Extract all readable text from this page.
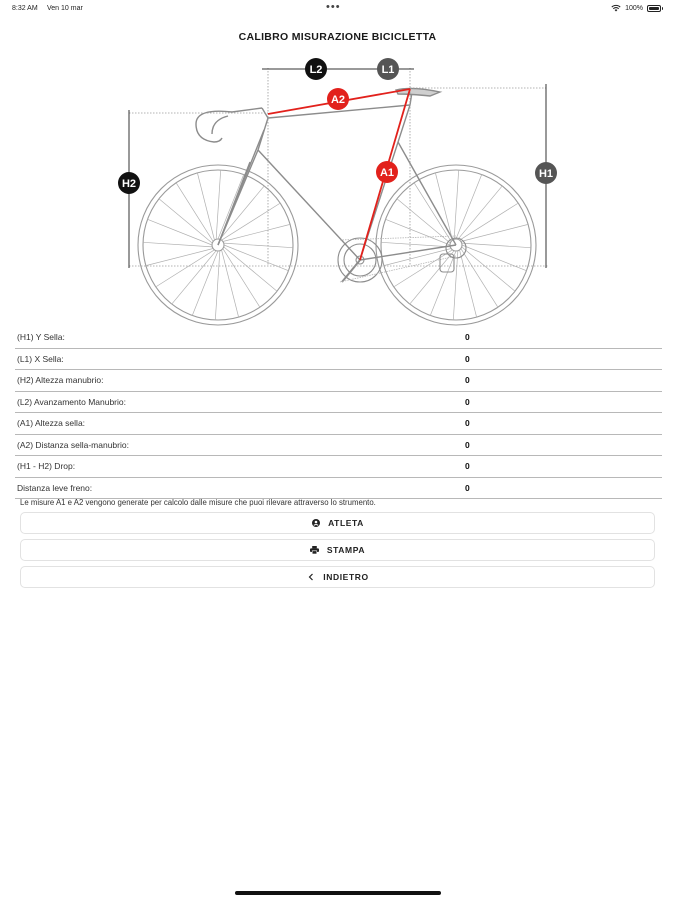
8:32 AM Ven 10 mar	•••	100%
CALIBRO MISURAZIONE BICICLETTA
L2	L1
A2
A1
H2
H1
(H1) Y Sella:	0
(L1) X Sella:	0
(H2) Altezza manubrio:	0
(L2) Avanzamento Manubrio:	0
(A1) Altezza sella:	0
(A2) Distanza sella-manubrio:	0
(H1 - H2) Drop:	0
Distanza leve freno:	0
Le misure A1 e A2 vengono generate per calcolo dalle misure che puoi rilevare attraverso lo strumento.
ATLETA
STAMPA
INDIETRO
